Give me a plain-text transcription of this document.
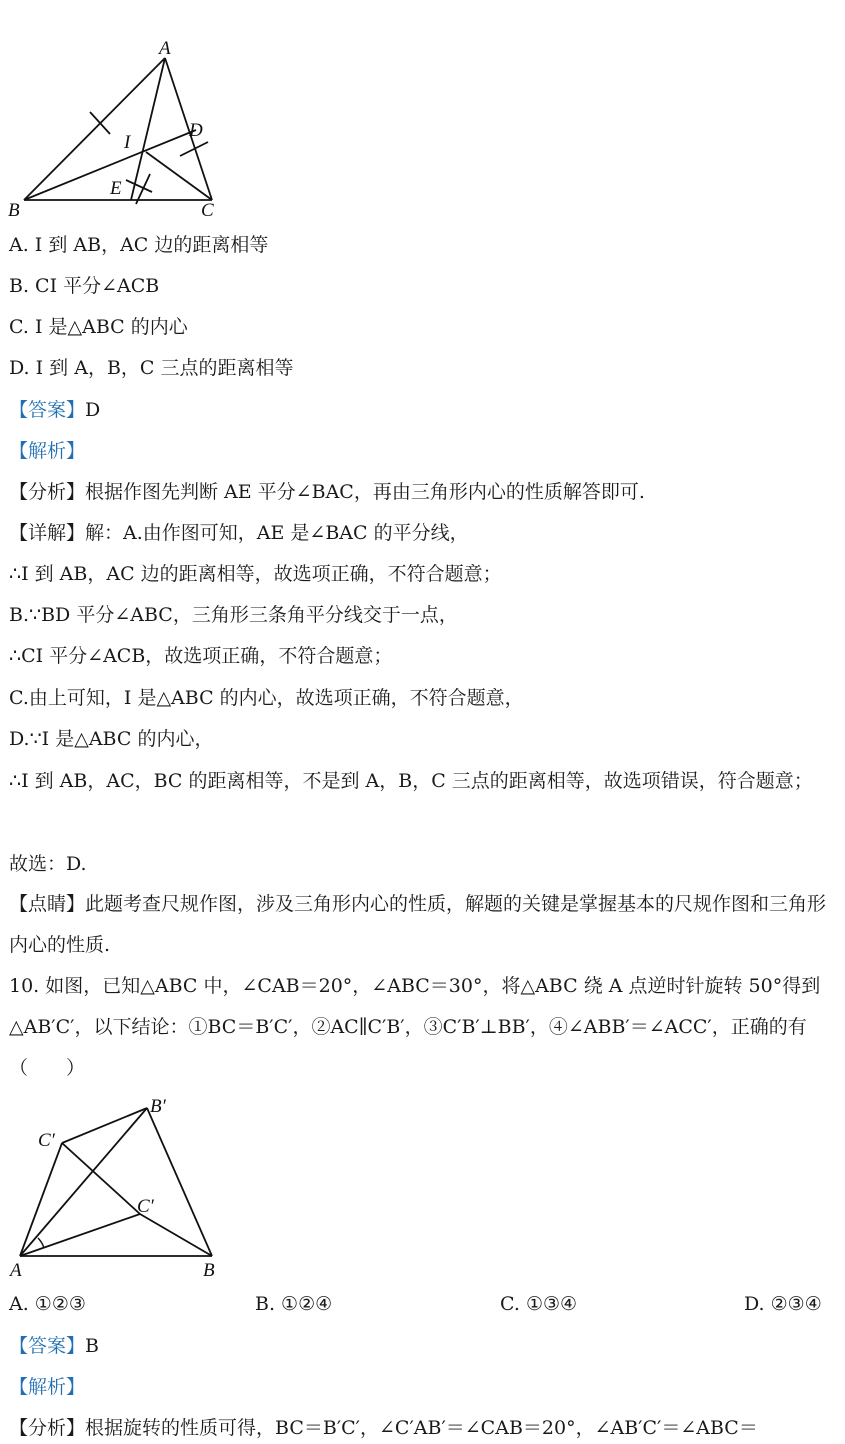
A
B	C
D
E
I
A. I 到 AB，AC 边的距离相等
B. CI 平分∠ACB
C. I 是△ABC 的内心
D. I 到 A，B，C 三点的距离相等
【答案】D
【解析】
【分析】根据作图先判断 AE 平分∠BAC，再由三角形内心的性质解答即可.
【详解】解：A.由作图可知，AE 是∠BAC 的平分线，
∴I 到 AB，AC 边的距离相等，故选项正确，不符合题意；
B.∵BD 平分∠ABC，三角形三条角平分线交于一点，
∴CI 平分∠ACB，故选项正确，不符合题意；
C.由上可知，I 是△ABC 的内心，故选项正确，不符合题意，
D.∵I 是△ABC 的内心，
∴I 到 AB，AC，BC 的距离相等，不是到 A，B，C 三点的距离相等，故选项错误，符合题意；
故选：D.
【点睛】此题考查尺规作图，涉及三角形内心的性质，解题的关键是掌握基本的尺规作图和三角形内心的性质.
10. 如图，已知△ABC 中，∠CAB＝20°，∠ABC＝30°，将△ABC 绕 A 点逆时针旋转 50°得到△AB′C′，以下结论：①BC＝B′C′，②AC∥C′B′，③C′B′⊥BB′，④∠ABB′＝∠ACC′，正确的有（　　）
A	B
C′
B′
C′
A. ①②③	B. ①②④	C. ①③④	D. ②③④
【答案】B
【解析】
【分析】根据旋转的性质可得，BC＝B′C′，∠C′AB′＝∠CAB＝20°，∠AB′C′＝∠ABC＝
